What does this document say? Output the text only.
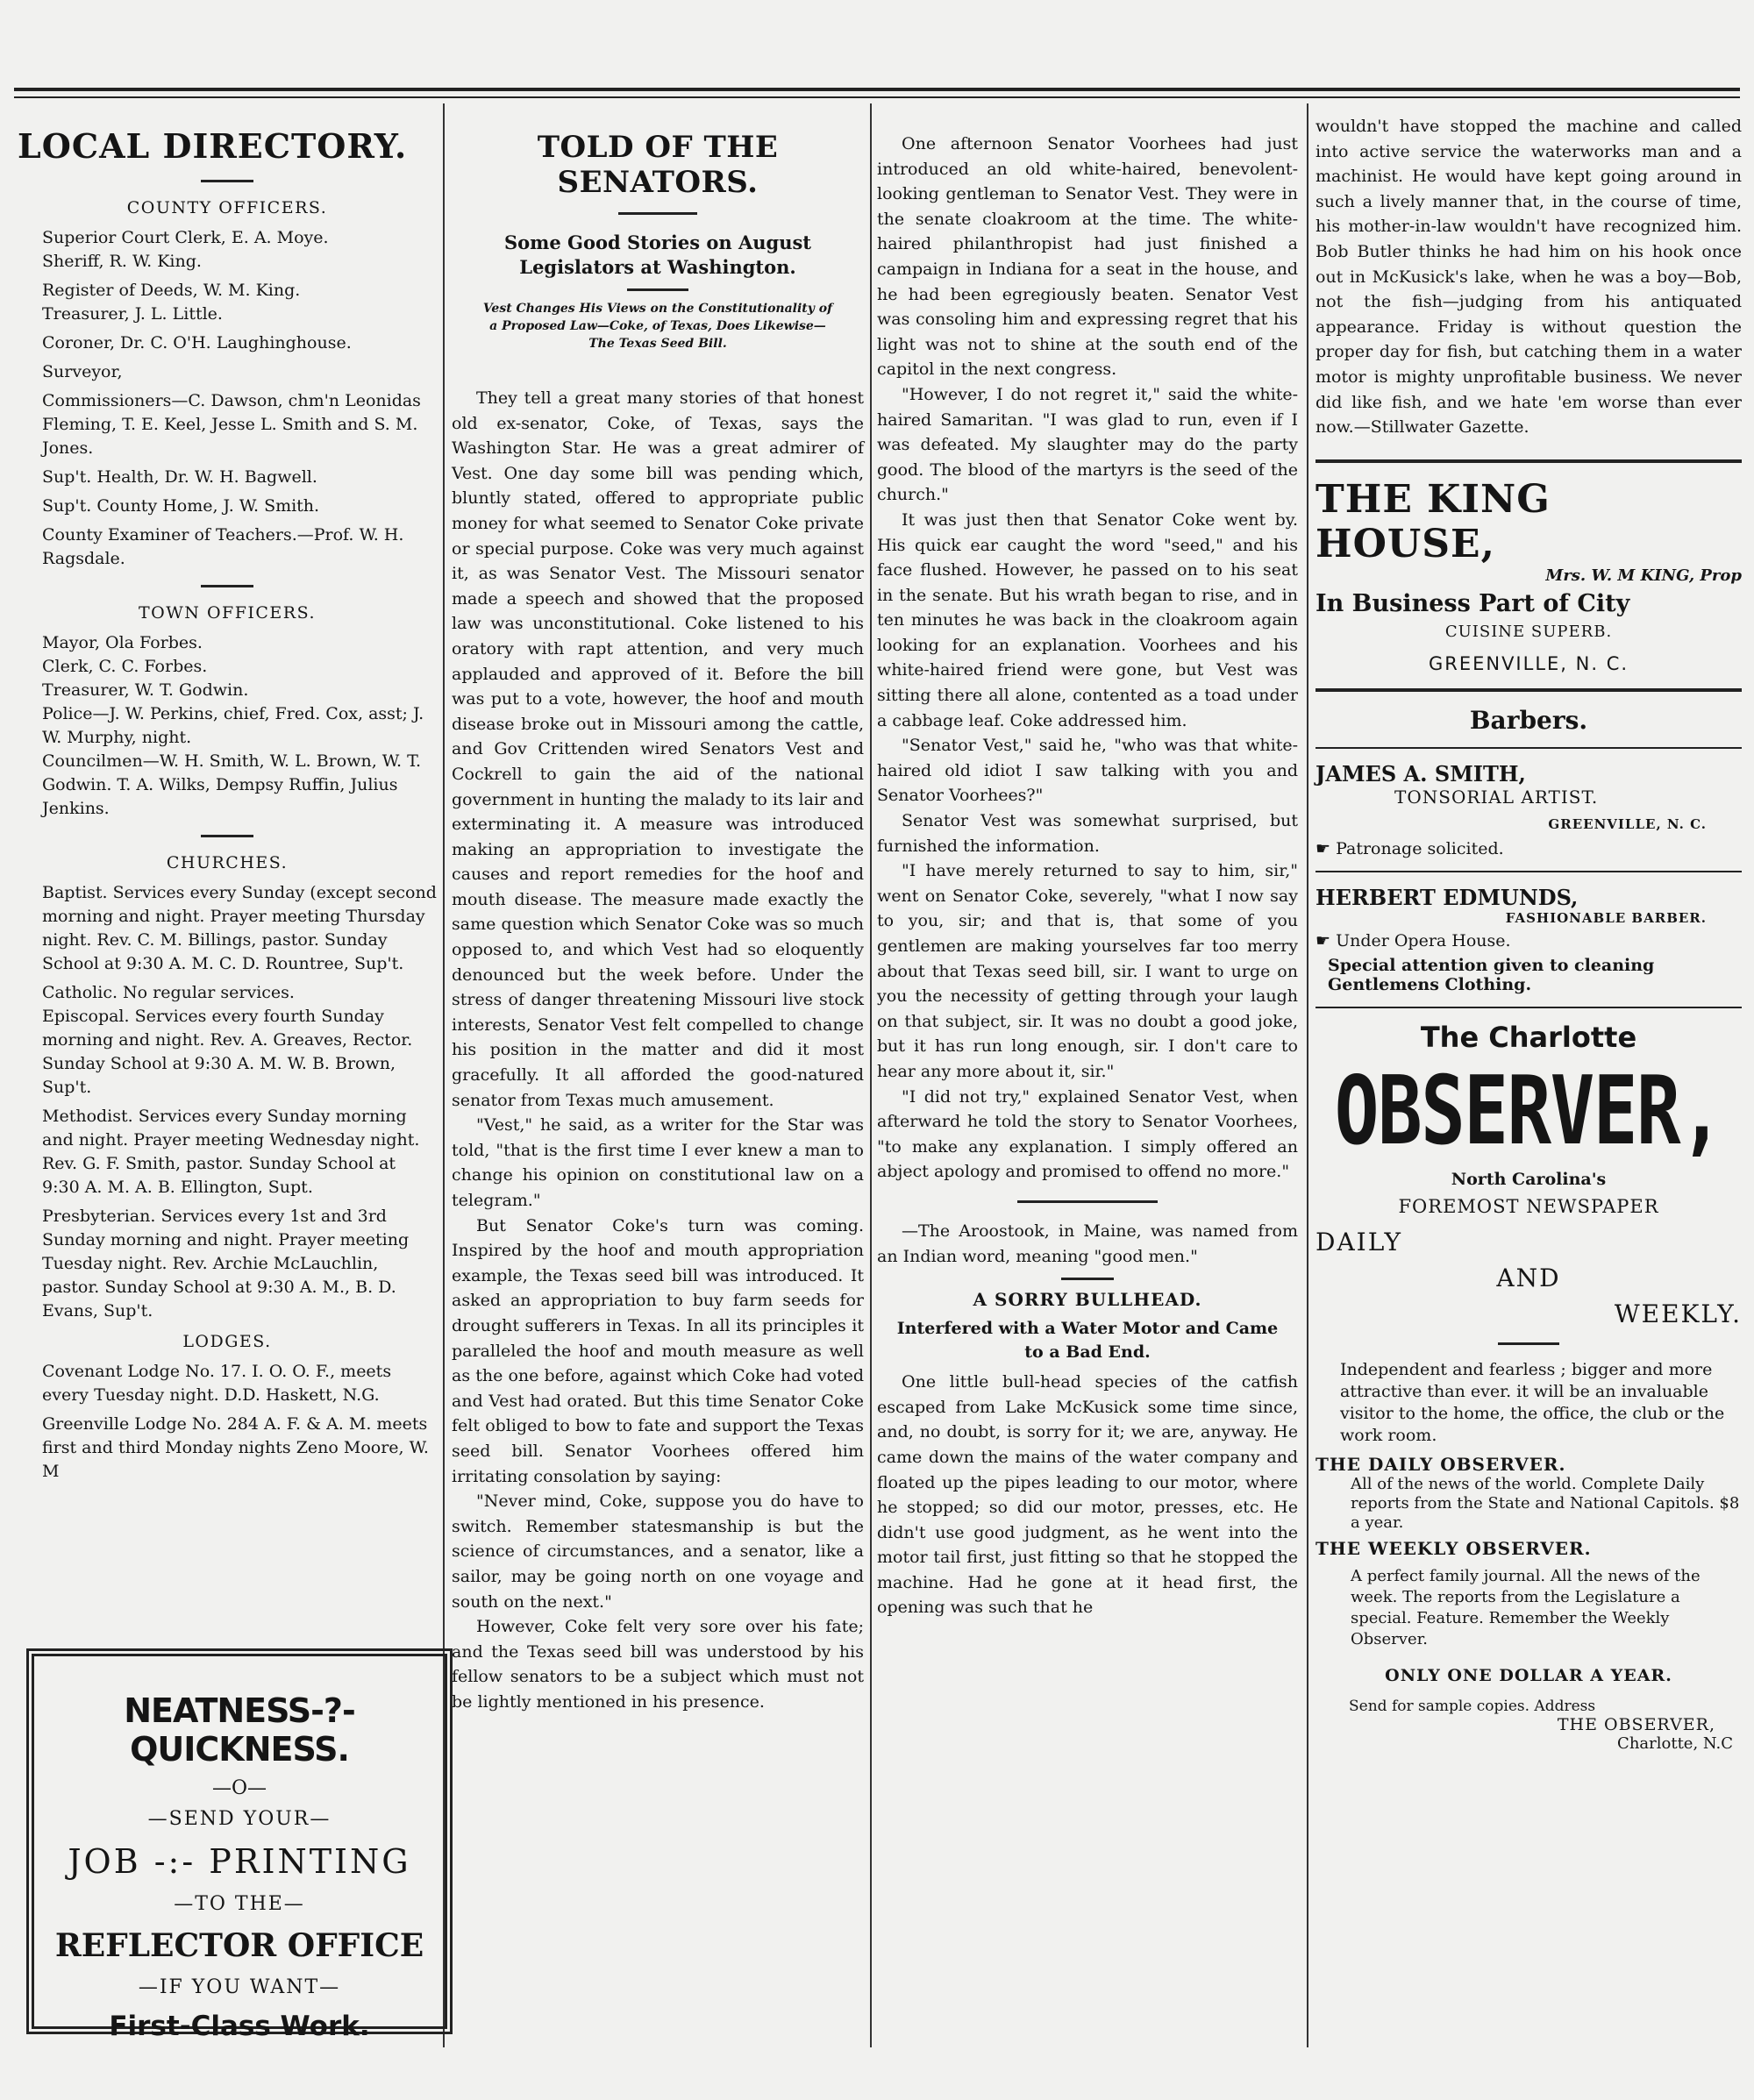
LOCAL DIRECTORY.

COUNTY OFFICERS.

Superior Court Clerk, E. A. Moye.

Sheriff, R. W. King.

Register of Deeds, W. M. King.

Treasurer, J. L. Little.

Coroner, Dr. C. O'H. Laughinghouse.

Surveyor,

Commissioners—C. Dawson, chm'n Leonidas Fleming, T. E. Keel, Jesse L. Smith and S. M. Jones.

Sup't. Health, Dr. W. H. Bagwell.

Sup't. County Home, J. W. Smith.

County Examiner of Teachers.—Prof. W. H. Ragsdale.

TOWN OFFICERS.

Mayor, Ola Forbes.

Clerk, C. C. Forbes.

Treasurer, W. T. Godwin.

Police—J. W. Perkins, chief, Fred. Cox, asst; J. W. Murphy, night.

Councilmen—W. H. Smith, W. L. Brown, W. T. Godwin. T. A. Wilks, Dempsy Ruffin, Julius Jenkins.

CHURCHES.

Baptist. Services every Sunday (except second morning and night. Prayer meeting Thursday night. Rev. C. M. Billings, pastor. Sunday School at 9:30 A. M. C. D. Rountree, Sup't.

Catholic. No regular services.

Episcopal. Services every fourth Sunday morning and night. Rev. A. Greaves, Rector. Sunday School at 9:30 A. M. W. B. Brown, Sup't.

Methodist. Services every Sunday morning and night. Prayer meeting Wednesday night. Rev. G. F. Smith, pastor. Sunday School at 9:30 A. M. A. B. Ellington, Supt.

Presbyterian. Services every 1st and 3rd Sunday morning and night. Prayer meeting Tuesday night. Rev. Archie McLauchlin, pastor. Sunday School at 9:30 A. M., B. D. Evans, Sup't.

LODGES.

Covenant Lodge No. 17. I. O. O. F., meets every Tuesday night. D.D. Haskett, N.G.

Greenville Lodge No. 284 A. F. & A. M. meets first and third Monday nights Zeno Moore, W. M

NEATNESS-?-QUICKNESS.

—O—

—SEND YOUR—

JOB -:- PRINTING

—TO THE—

REFLECTOR OFFICE

—IF YOU WANT—

First-Class Work.

TOLD OF THE SENATORS.

Some Good Stories on August Legislators at Washington.

Vest Changes His Views on the Constitutionality of a Proposed Law—Coke, of Texas, Does Likewise—The Texas Seed Bill.

They tell a great many stories of that honest old ex-senator, Coke, of Texas, says the Washington Star. He was a great admirer of Vest. One day some bill was pending which, bluntly stated, offered to appropriate public money for what seemed to Senator Coke private or special purpose. Coke was very much against it, as was Senator Vest. The Missouri senator made a speech and showed that the proposed law was unconstitutional. Coke listened to his oratory with rapt attention, and very much applauded and approved of it. Before the bill was put to a vote, however, the hoof and mouth disease broke out in Missouri among the cattle, and Gov Crittenden wired Senators Vest and Cockrell to gain the aid of the national government in hunting the malady to its lair and exterminating it. A measure was introduced making an appropriation to investigate the causes and report remedies for the hoof and mouth disease. The measure made exactly the same question which Senator Coke was so much opposed to, and which Vest had so eloquently denounced but the week before. Under the stress of danger threatening Missouri live stock interests, Senator Vest felt compelled to change his position in the matter and did it most gracefully. It all afforded the good-natured senator from Texas much amusement.

"Vest," he said, as a writer for the Star was told, "that is the first time I ever knew a man to change his opinion on constitutional law on a telegram."

But Senator Coke's turn was coming. Inspired by the hoof and mouth appropriation example, the Texas seed bill was introduced. It asked an appropriation to buy farm seeds for drought sufferers in Texas. In all its principles it paralleled the hoof and mouth measure as well as the one before, against which Coke had voted and Vest had orated. But this time Senator Coke felt obliged to bow to fate and support the Texas seed bill. Senator Voorhees offered him irritating consolation by saying:

"Never mind, Coke, suppose you do have to switch. Remember statesmanship is but the science of circumstances, and a senator, like a sailor, may be going north on one voyage and south on the next."

However, Coke felt very sore over his fate; and the Texas seed bill was understood by his fellow senators to be a subject which must not be lightly mentioned in his presence.

One afternoon Senator Voorhees had just introduced an old white-haired, benevolent-looking gentleman to Senator Vest. They were in the senate cloakroom at the time. The white-haired philanthropist had just finished a campaign in Indiana for a seat in the house, and he had been egregiously beaten. Senator Vest was consoling him and expressing regret that his light was not to shine at the south end of the capitol in the next congress.

"However, I do not regret it," said the white-haired Samaritan. "I was glad to run, even if I was defeated. My slaughter may do the party good. The blood of the martyrs is the seed of the church."

It was just then that Senator Coke went by. His quick ear caught the word "seed," and his face flushed. However, he passed on to his seat in the senate. But his wrath began to rise, and in ten minutes he was back in the cloakroom again looking for an explanation. Voorhees and his white-haired friend were gone, but Vest was sitting there all alone, contented as a toad under a cabbage leaf. Coke addressed him.

"Senator Vest," said he, "who was that white-haired old idiot I saw talking with you and Senator Voorhees?"

Senator Vest was somewhat surprised, but furnished the information.

"I have merely returned to say to him, sir," went on Senator Coke, severely, "what I now say to you, sir; and that is, that some of you gentlemen are making yourselves far too merry about that Texas seed bill, sir. I want to urge on you the necessity of getting through your laugh on that subject, sir. It was no doubt a good joke, but it has run long enough, sir. I don't care to hear any more about it, sir."

"I did not try," explained Senator Vest, when afterward he told the story to Senator Voorhees, "to make any explanation. I simply offered an abject apology and promised to offend no more."

—The Aroostook, in Maine, was named from an Indian word, meaning "good men."

A SORRY BULLHEAD.

Interfered with a Water Motor and Came to a Bad End.

One little bull-head species of the catfish escaped from Lake McKusick some time since, and, no doubt, is sorry for it; we are, anyway. He came down the mains of the water company and floated up the pipes leading to our motor, where he stopped; so did our motor, presses, etc. He didn't use good judgment, as he went into the motor tail first, just fitting so that he stopped the machine. Had he gone at it head first, the opening was such that he

wouldn't have stopped the machine and called into active service the waterworks man and a machinist. He would have kept going around in such a lively manner that, in the course of time, his mother-in-law wouldn't have recognized him. Bob Butler thinks he had him on his hook once out in McKusick's lake, when he was a boy—Bob, not the fish—judging from his antiquated appearance. Friday is without question the proper day for fish, but catching them in a water motor is mighty unprofitable business. We never did like fish, and we hate 'em worse than ever now.—Stillwater Gazette.

THE KING HOUSE,

Mrs. W. M KING, Prop

In Business Part of City

CUISINE SUPERB.

GREENVILLE, N. C.

Barbers.

JAMES A. SMITH,

TONSORIAL ARTIST.

GREENVILLE, N. C.

☛ Patronage solicited.

HERBERT EDMUNDS,

FASHIONABLE BARBER.

☛ Under Opera House.

Special attention given to cleaning Gentlemens Clothing.

The Charlotte

OBSERVER,

North Carolina's

FOREMOST NEWSPAPER

DAILY

AND

WEEKLY.

Independent and fearless ; bigger and more attractive than ever. it will be an invaluable visitor to the home, the office, the club or the work room.

THE DAILY OBSERVER.

All of the news of the world. Complete Daily reports from the State and National Capitols. $8 a year.

THE WEEKLY OBSERVER.

A perfect family journal. All the news of the week. The reports from the Legislature a special. Feature. Remember the Weekly Observer.

ONLY ONE DOLLAR A YEAR.

Send for sample copies. Address

THE OBSERVER,

Charlotte, N.C
